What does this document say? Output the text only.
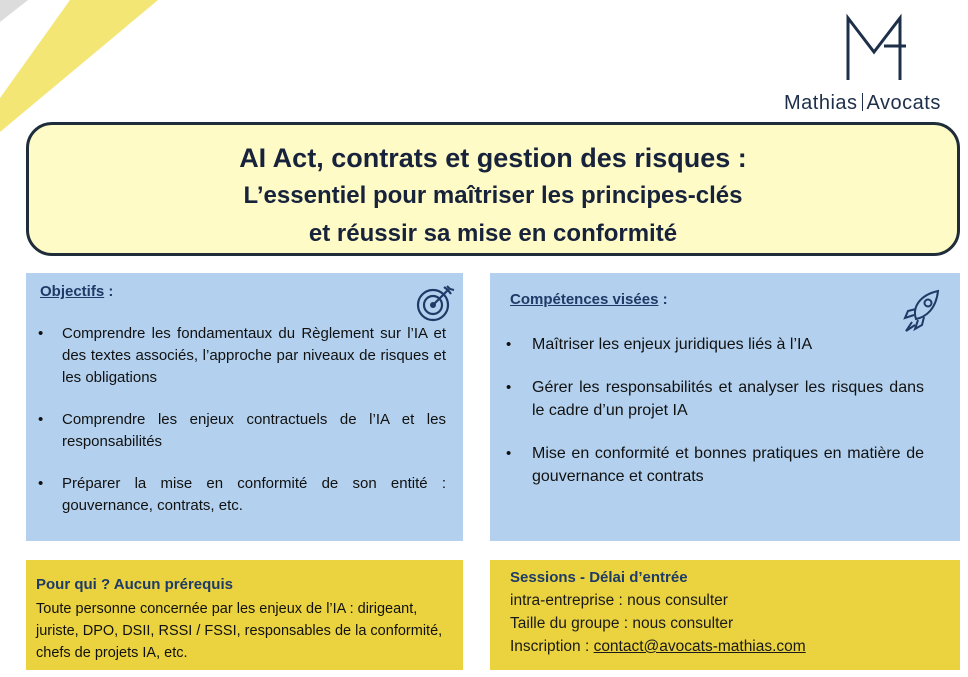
Mathias Avocats
AI Act, contrats et gestion des risques :
L’essentiel pour maîtriser les principes-clés
et réussir sa mise en conformité
Objectifs :
• Comprendre les fondamentaux du Règlement sur l’IA et des textes associés, l’approche par niveaux de risques et les obligations
• Comprendre les enjeux contractuels de l’IA et les responsabilités
• Préparer la mise en conformité de son entité : gouvernance, contrats, etc.
Compétences visées :
• Maîtriser les enjeux juridiques liés à l’IA
• Gérer les responsabilités et analyser les risques dans le cadre d’un projet IA
• Mise en conformité et bonnes pratiques en matière de gouvernance et contrats
Pour qui ? Aucun prérequis
Toute personne concernée par les enjeux de l’IA : dirigeant, juriste, DPO, DSII, RSSI / FSSI, responsables de la conformité, chefs de projets IA, etc.
Sessions - Délai d’entrée
intra-entreprise : nous consulter
Taille du groupe : nous consulter
Inscription : contact@avocats-mathias.com
